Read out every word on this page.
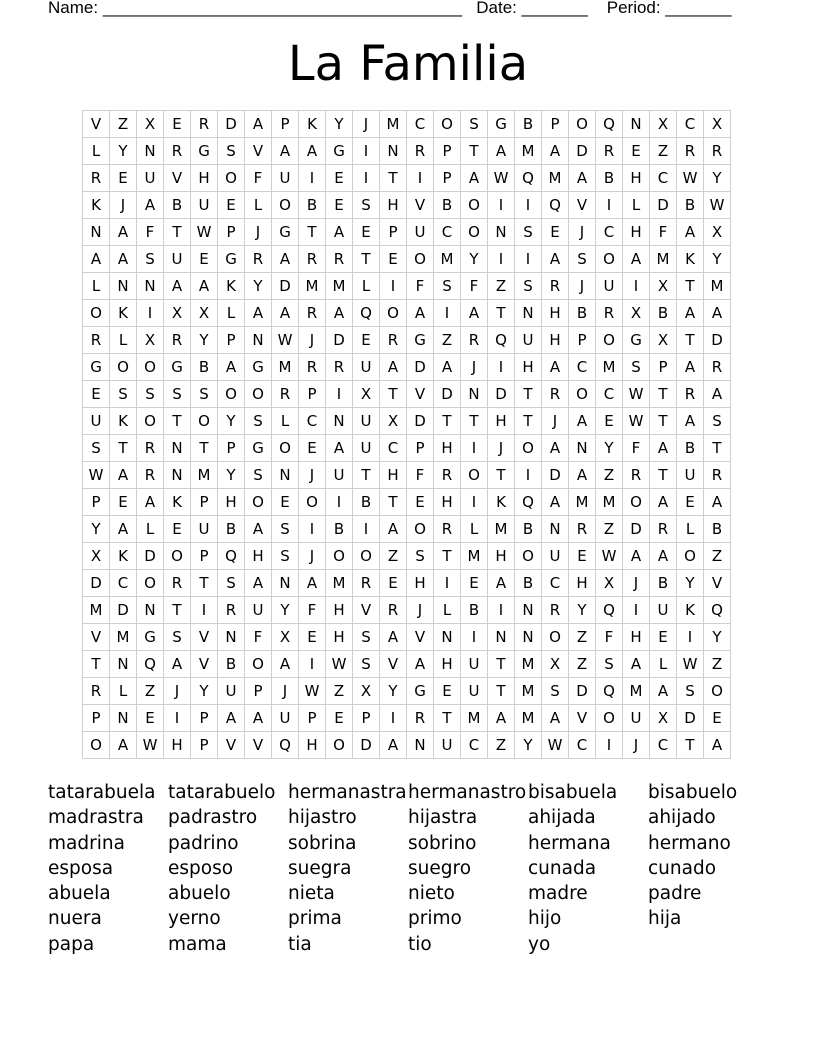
Name: ______________________________________ Date: _______ Period: _______
La Familia
V	Z	X	E	R	D	A	P	K	Y	J	M	C	O	S	G	B	P	O	Q	N	X	C	X
L	Y	N	R	G	S	V	A	A	G	I	N	R	P	T	A	M	A	D	R	E	Z	R	R
R	E	U	V	H	O	F	U	I	E	I	T	I	P	A W Q M	A	B	H	C W Y
K	J	A	B	U	E	L	O	B	E	S	H	V	B	O	I	I	Q	V	I	L	D	B W
N	A	F	T	W	P	J	G	T	A	E	P	U	C	O	N	S	E	J	C	H	F	A	X
A	A	S	U	E	G	R	A	R	R	T	E	O M	Y	I	I	A	S	O	A	M	K	Y
L	N	N	A	A	K	Y	D M M	L	I	F	S	F	Z	S	R	J	U	I	X	T	M
O	K	I	X	X	L	A	A	R	A	Q	O	A	I	A	T	N	H	B	R	X	B	A	A
R	L	X	R	Y	P	N W	J	D	E	R	G	Z	R	Q	U	H	P	O	G	X	T	D
G	O	O	G	B	A	G M	R	R	U	A	D	A	J	I	H	A	C	M	S	P	A	R
E	S	S	S	S	O	O	R	P	I	X	T	V	D	N	D	T	R	O	C W T	R	A
U	K	O	T	O	Y	S	L	C	N	U	X	D	T	T	H	T	J	A	E W T	A	S
S	T	R	N	T	P	G	O	E	A	U	C	P	H	I	J	O	A	N	Y	F	A	B	T
W A	R	N M	Y	S	N	J	U	T	H	F	R	O	T	I	D	A	Z	R	T	U	R
P	E	A	K	P	H	O	E	O	I	B	T	E	H	I	K	Q	A	M M O	A	E	A
Y	A	L	E	U	B	A	S	I	B	I	A	O	R	L	M	B	N	R	Z	D	R	L	B
X	K	D	O	P	Q	H	S	J	O	O	Z	S	T	M H	O	U	E W A	A	O	Z
D	C	O	R	T	S	A	N	A	M	R	E	H	I	E	A	B	C	H	X	J	B	Y	V
M D	N	T	I	R	U	Y	F	H	V	R	J	L	B	I	N	R	Y	Q	I	U	K	Q
V	M G	S	V	N	F	X	E	H	S	A	V	N	I	N	N	O	Z	F	H	E	I	Y
T	N	Q	A	V	B	O	A	I	W S	V	A	H	U	T	M	X	Z	S	A	L	W Z
R	L	Z	J	Y	U	P	J	W Z	X	Y	G	E	U	T	M	S	D	Q M	A	S	O
P	N	E	I	P	A	A	U	P	E	P	I	R	T	M	A	M	A	V	O	U	X	D	E
O	A W H	P	V	V	Q	H	O	D	A	N	U	C	Z	Y	W C	I	J	C	T	A
tatarabuela tatarabuelo hermanastra hermanastro bisabuela	bisabuelo
madrastra	padrastro	hijastro	hijastra	ahijada	ahijado
madrina	padrino	sobrina	sobrino	hermana	hermano
esposa	esposo	suegra	suegro	cunada	cunado
abuela	abuelo	nieta	nieto	madre	padre
nuera	yerno	prima	primo	hijo	hija
papa	mama	tia	tio	yo
